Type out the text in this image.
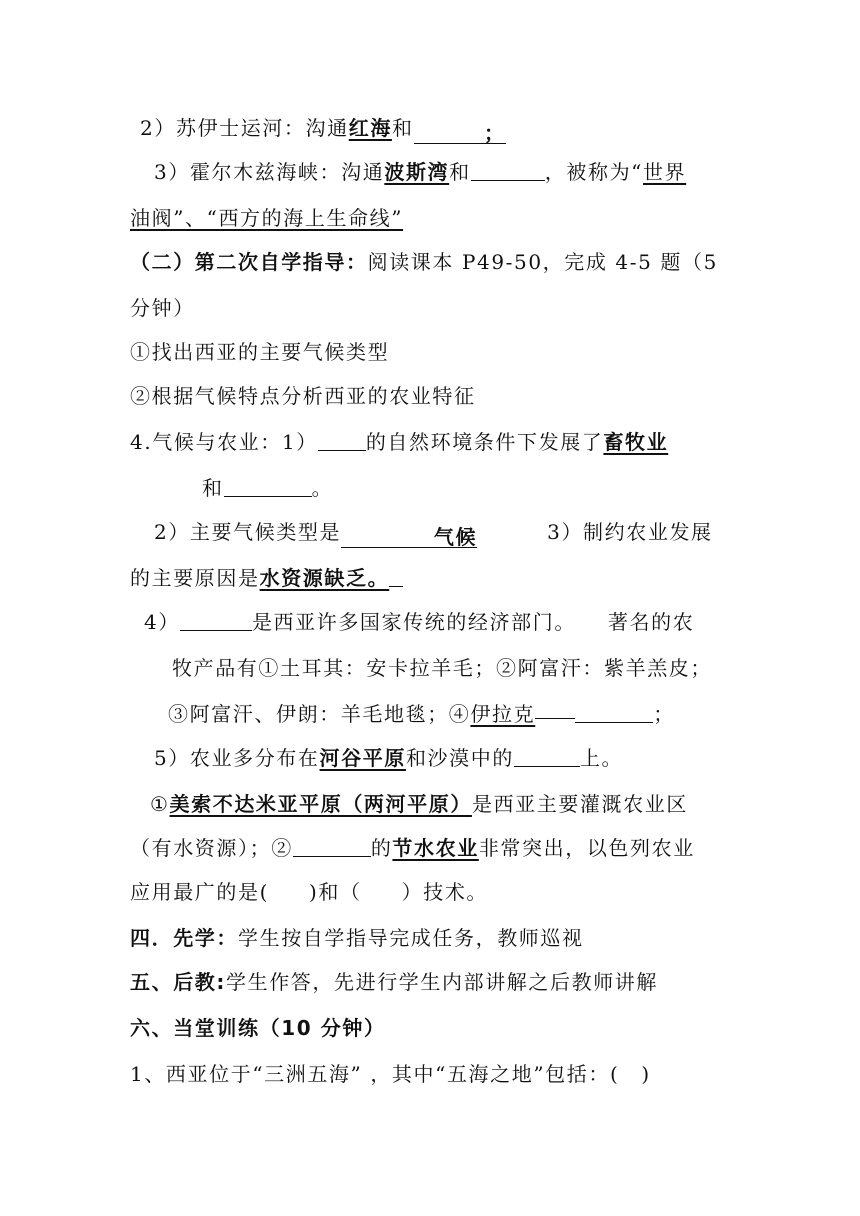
2）苏伊士运河：沟通红海和	；
3）霍尔木兹海峡：沟通波斯湾和	，被称为“世界
油阀”、“西方的海上生命线”
（二）第二次自学指导：阅读课本 P49-50，完成 4-5 题（5
分钟）
①找出西亚的主要气候类型
②根据气候特点分析西亚的农业特征
4.气候与农业：1） 的自然环境条件下发展了畜牧业
和	。
2）主要气候类型是	气候	3）制约农业发展
的主要原因是水资源缺乏。
4）	是西亚许多国家传统的经济部门。 著名的农
牧产品有①土耳其：安卡拉羊毛；②阿富汗：紫羊羔皮；
③阿富汗、伊朗：羊毛地毯；④伊拉克	；
5）农业多分布在河谷平原和沙漠中的	上。
①美索不达米亚平原（两河平原）是西亚主要灌溉农业区
（有水资源）；②	的节水农业非常突出，以色列农业
应用最广的是( )和（ ）技术。
四．先学：学生按自学指导完成任务，教师巡视
五、后教:学生作答，先进行学生内部讲解之后教师讲解
六、当堂训练（10 分钟）
1、西亚位于“三洲五海” ，其中“五海之地”包括：( )
